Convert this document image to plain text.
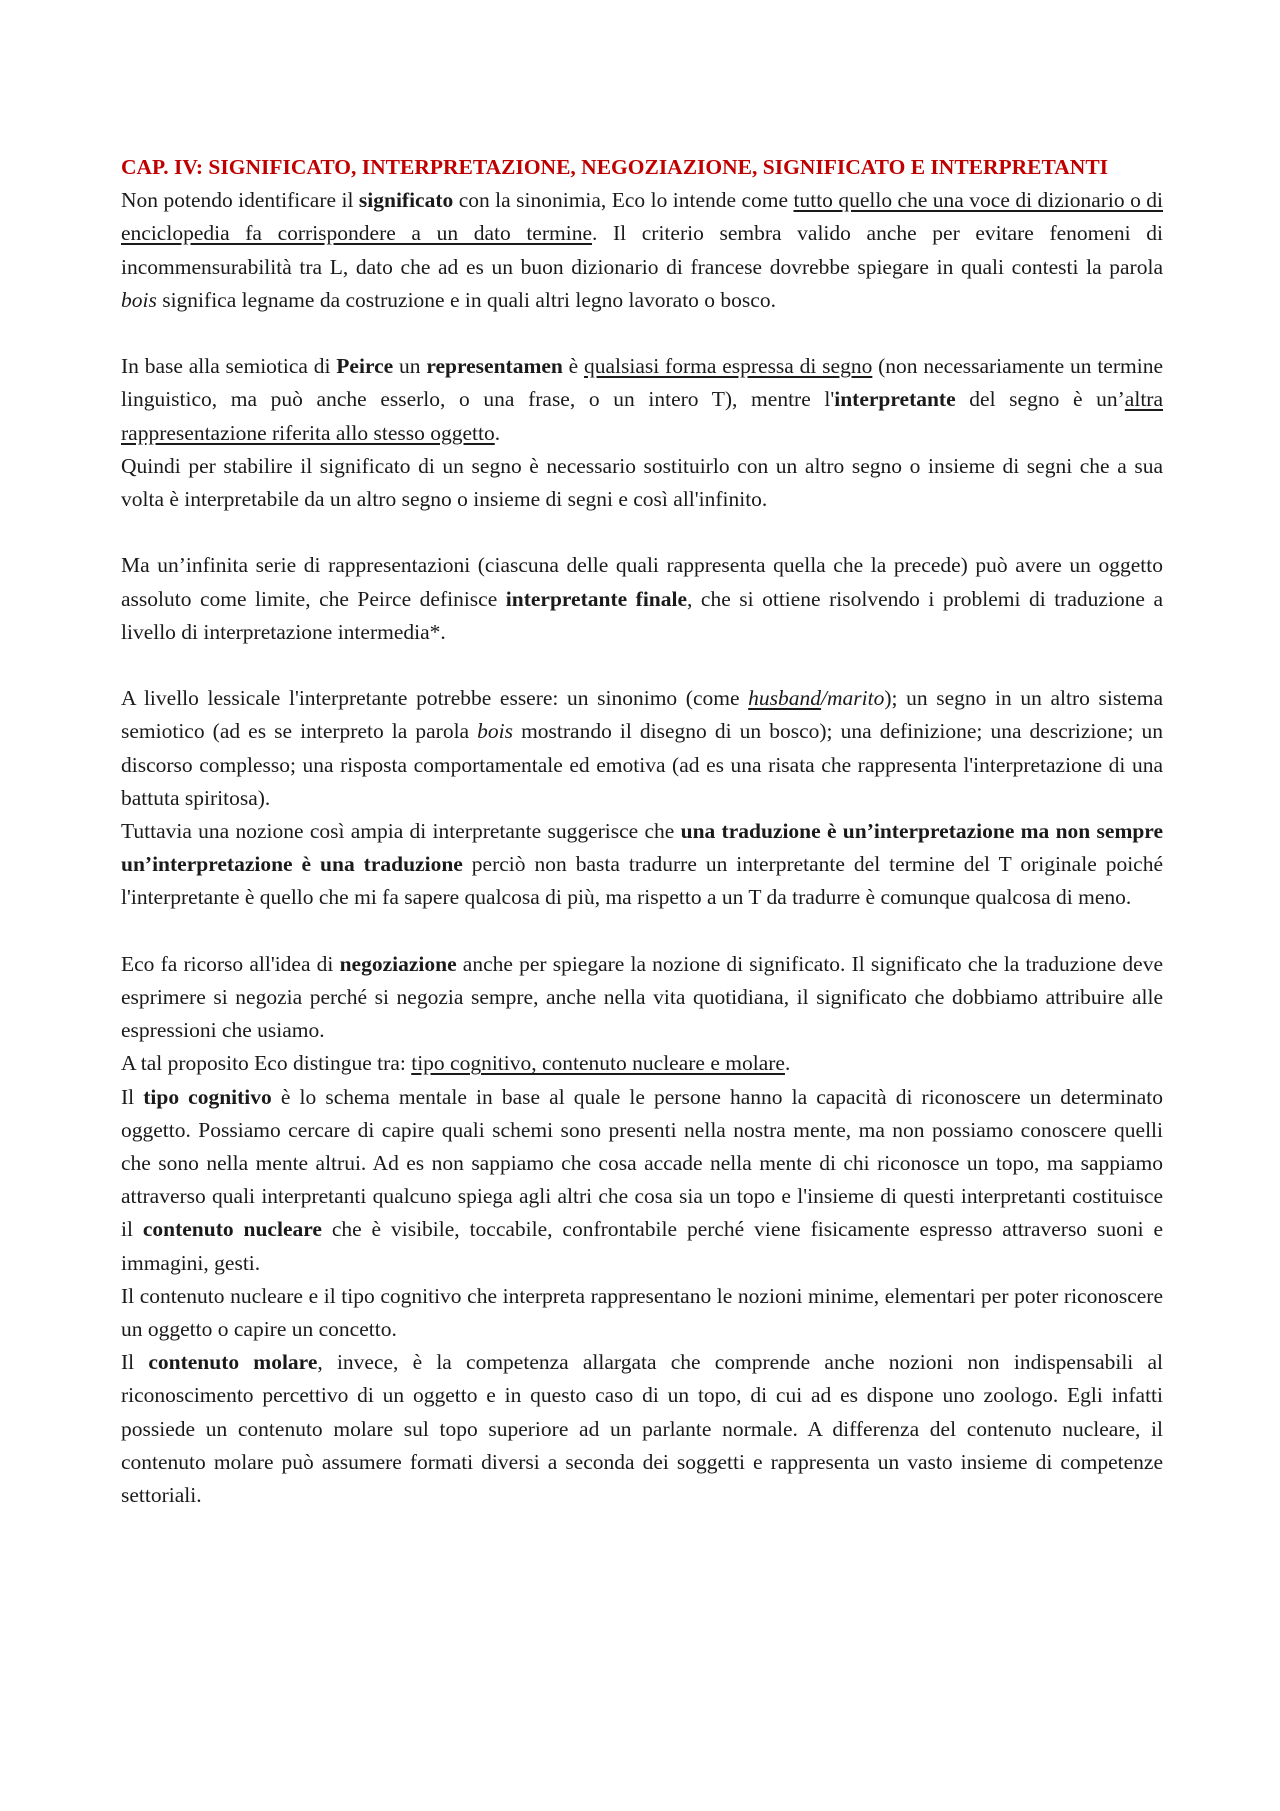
CAP. IV: SIGNIFICATO, INTERPRETAZIONE, NEGOZIAZIONE, SIGNIFICATO E INTERPRETANTI

Non potendo identificare il significato con la sinonimia, Eco lo intende come tutto quello che una voce di dizionario o di enciclopedia fa corrispondere a un dato termine. Il criterio sembra valido anche per evitare fenomeni di incommensurabilità tra L, dato che ad es un buon dizionario di francese dovrebbe spiegare in quali contesti la parola bois significa legname da costruzione e in quali altri legno lavorato o bosco.

In base alla semiotica di Peirce un representamen è qualsiasi forma espressa di segno (non necessariamente un termine linguistico, ma può anche esserlo, o una frase, o un intero T), mentre l'interpretante del segno è un’altra rappresentazione riferita allo stesso oggetto.

Quindi per stabilire il significato di un segno è necessario sostituirlo con un altro segno o insieme di segni che a sua volta è interpretabile da un altro segno o insieme di segni e così all'infinito.

Ma un’infinita serie di rappresentazioni (ciascuna delle quali rappresenta quella che la precede) può avere un oggetto assoluto come limite, che Peirce definisce interpretante finale, che si ottiene risolvendo i problemi di traduzione a livello di interpretazione intermedia*.

A livello lessicale l'interpretante potrebbe essere: un sinonimo (come husband/marito); un segno in un altro sistema semiotico (ad es se interpreto la parola bois mostrando il disegno di un bosco); una definizione; una descrizione; un discorso complesso; una risposta comportamentale ed emotiva (ad es una risata che rappresenta l'interpretazione di una battuta spiritosa).

Tuttavia una nozione così ampia di interpretante suggerisce che una traduzione è un’interpretazione ma non sempre un’interpretazione è una traduzione perciò non basta tradurre un interpretante del termine del T originale poiché l'interpretante è quello che mi fa sapere qualcosa di più, ma rispetto a un T da tradurre è comunque qualcosa di meno.

Eco fa ricorso all'idea di negoziazione anche per spiegare la nozione di significato. Il significato che la traduzione deve esprimere si negozia perché si negozia sempre, anche nella vita quotidiana, il significato che dobbiamo attribuire alle espressioni che usiamo.

A tal proposito Eco distingue tra: tipo cognitivo, contenuto nucleare e molare.

Il tipo cognitivo è lo schema mentale in base al quale le persone hanno la capacità di riconoscere un determinato oggetto. Possiamo cercare di capire quali schemi sono presenti nella nostra mente, ma non possiamo conoscere quelli che sono nella mente altrui. Ad es non sappiamo che cosa accade nella mente di chi riconosce un topo, ma sappiamo attraverso quali interpretanti qualcuno spiega agli altri che cosa sia un topo e l'insieme di questi interpretanti costituisce il contenuto nucleare che è visibile, toccabile, confrontabile perché viene fisicamente espresso attraverso suoni e immagini, gesti.

Il contenuto nucleare e il tipo cognitivo che interpreta rappresentano le nozioni minime, elementari per poter riconoscere un oggetto o capire un concetto.

Il contenuto molare, invece, è la competenza allargata che comprende anche nozioni non indispensabili al riconoscimento percettivo di un oggetto e in questo caso di un topo, di cui ad es dispone uno zoologo. Egli infatti possiede un contenuto molare sul topo superiore ad un parlante normale. A differenza del contenuto nucleare, il contenuto molare può assumere formati diversi a seconda dei soggetti e rappresenta un vasto insieme di competenze settoriali.
